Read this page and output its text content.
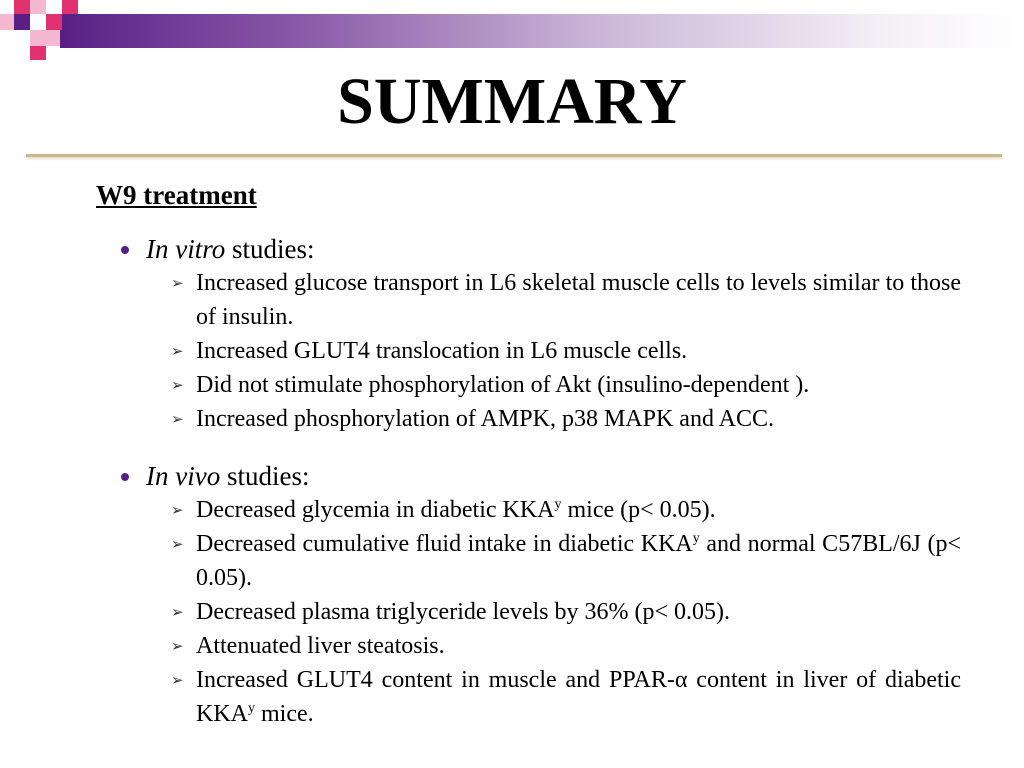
SUMMARY
W9 treatment
In vitro studies:
➢ Increased glucose transport in L6 skeletal muscle cells to levels similar to those of insulin.
➢ Increased GLUT4 translocation in L6 muscle cells.
➢ Did not stimulate phosphorylation of Akt (insulino-dependent ).
➢ Increased phosphorylation of AMPK, p38 MAPK and ACC.
In vivo studies:
➢ Decreased glycemia in diabetic KKA$^y$ mice (p< 0.05).
➢ Decreased cumulative fluid intake in diabetic KKA$^y$ and normal C57BL/6J (p< 0.05).
➢ Decreased plasma triglyceride levels by 36% (p< 0.05).
➢ Attenuated liver steatosis.
➢ Increased GLUT4 content in muscle and PPAR-α content in liver of diabetic KKA$^y$ mice.
